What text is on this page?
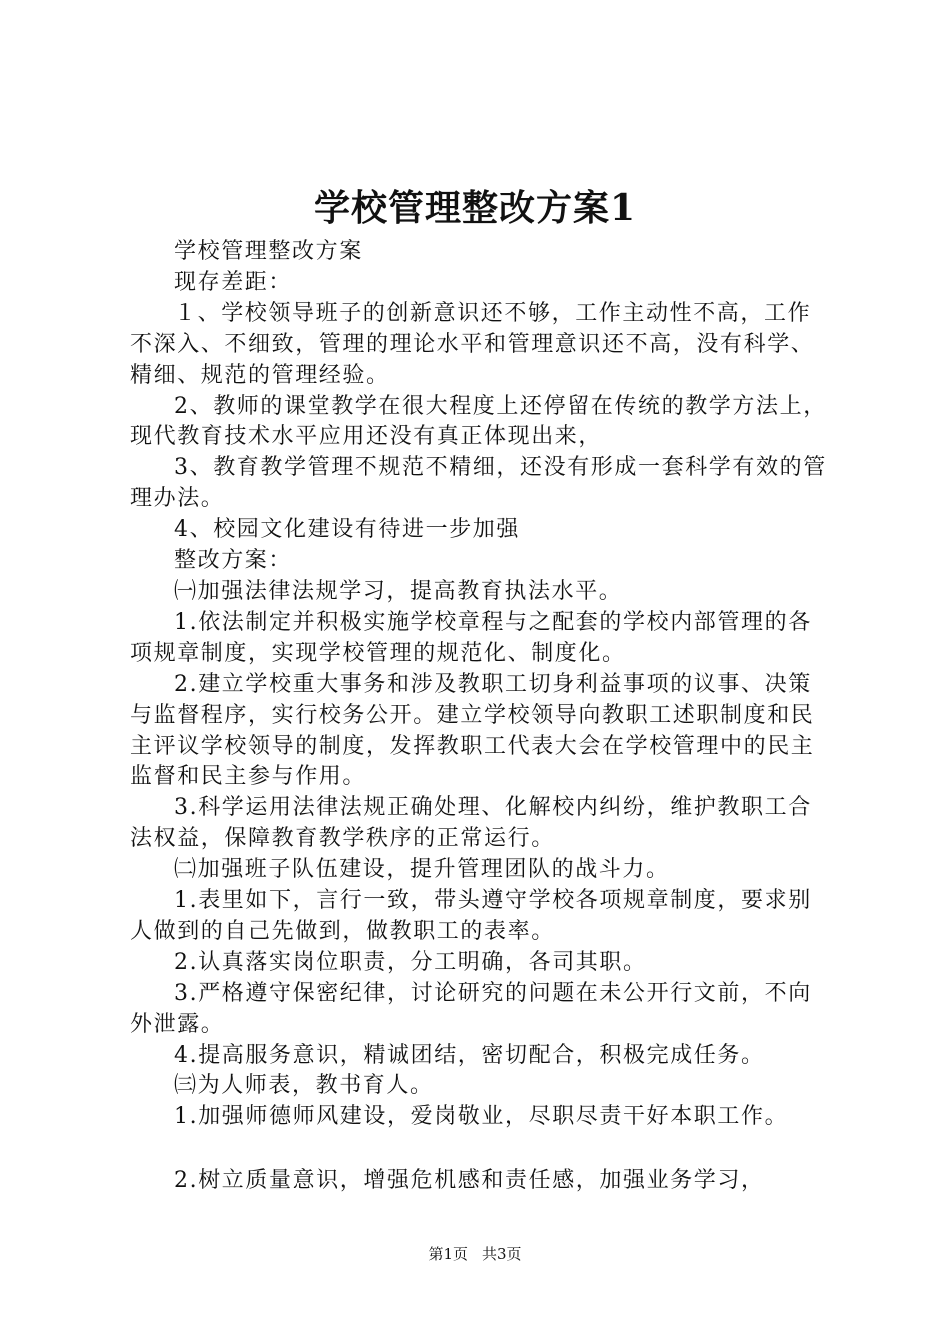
学校管理整改方案1

学校管理整改方案

现存差距：

１、学校领导班子的创新意识还不够，工作主动性不高，工作不深入、不细致，管理的理论水平和管理意识还不高，没有科学、精细、规范的管理经验。

2、教师的课堂教学在很大程度上还停留在传统的教学方法上，现代教育技术水平应用还没有真正体现出来，

3、教育教学管理不规范不精细，还没有形成一套科学有效的管理办法。

4、校园文化建设有待进一步加强

整改方案：

㈠加强法律法规学习，提高教育执法水平。

1.依法制定并积极实施学校章程与之配套的学校内部管理的各项规章制度，实现学校管理的规范化、制度化。

2.建立学校重大事务和涉及教职工切身利益事项的议事、决策与监督程序，实行校务公开。建立学校领导向教职工述职制度和民主评议学校领导的制度，发挥教职工代表大会在学校管理中的民主监督和民主参与作用。

3.科学运用法律法规正确处理、化解校内纠纷，维护教职工合法权益，保障教育教学秩序的正常运行。

㈡加强班子队伍建设，提升管理团队的战斗力。

1.表里如下，言行一致，带头遵守学校各项规章制度，要求别人做到的自己先做到，做教职工的表率。

2.认真落实岗位职责，分工明确，各司其职。

3.严格遵守保密纪律，讨论研究的问题在未公开行文前，不向外泄露。

4.提高服务意识，精诚团结，密切配合，积极完成任务。

㈢为人师表，教书育人。

1.加强师德师风建设，爱岗敬业，尽职尽责干好本职工作。

2.树立质量意识，增强危机感和责任感，加强业务学习，

第1页 共3页
